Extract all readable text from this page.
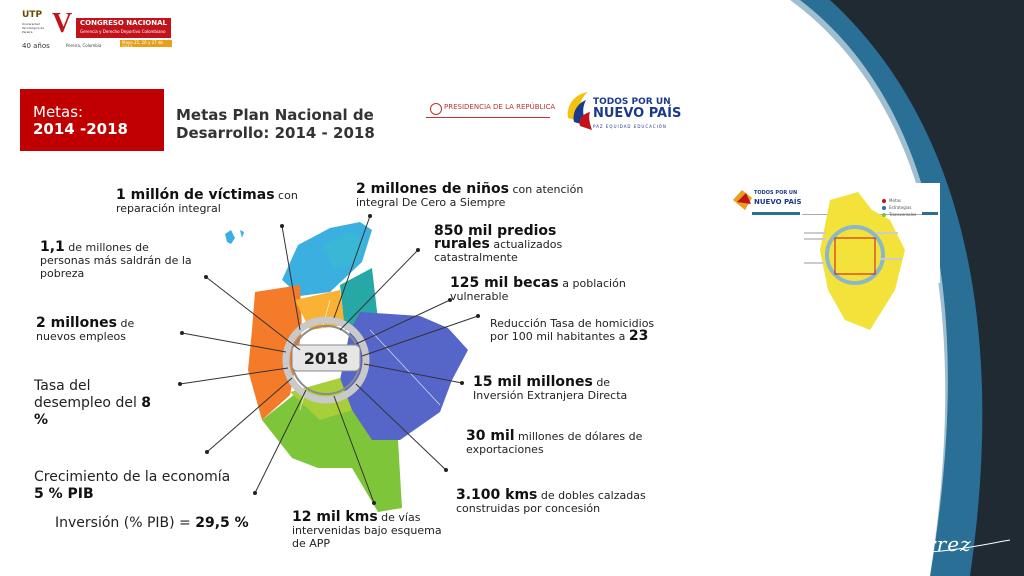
UTP
Universidad Tecnológica de Pereira
40 años
V CONGRESO NACIONAL
Gerencia y Derecho Deportivo Colombiano
Mayo 25, 26 y 27 de 2017
Pereira, Colombia
Metas:
2014 -2018
Metas Plan Nacional de Desarrollo: 2014 - 2018
PRESIDENCIA DE LA REPÚBLICA	TODOS POR UN
NUEVO PAÍS
PAZ EQUIDAD EDUCACIÓN
2018
1 millón de víctimas con
reparación integral
2 millones de niños con atención
integral De Cero a Siempre
1,1 de millones de
personas más saldrán de la
pobreza
850 mil predios
rurales actualizados
catastralmente
125 mil becas a población
vulnerable
2 millones de
nuevos empleos
Reducción Tasa de homicidios
por 100 mil habitantes a 23
Tasa del
desempleo del 8
%
15 mil millones de
Inversión Extranjera Directa
30 mil millones de dólares de
exportaciones
Crecimiento de la economía
5 % PIB
Inversión (% PIB) = 29,5 %	12 mil kms de vías
intervenidas bajo esquema
de APP
3.100 kms de dobles calzadas
construidas por concesión
TODOS POR UN
NUEVO PAÍS	Metas
Estrategias
Transversales
Pacho Gutiérrez
